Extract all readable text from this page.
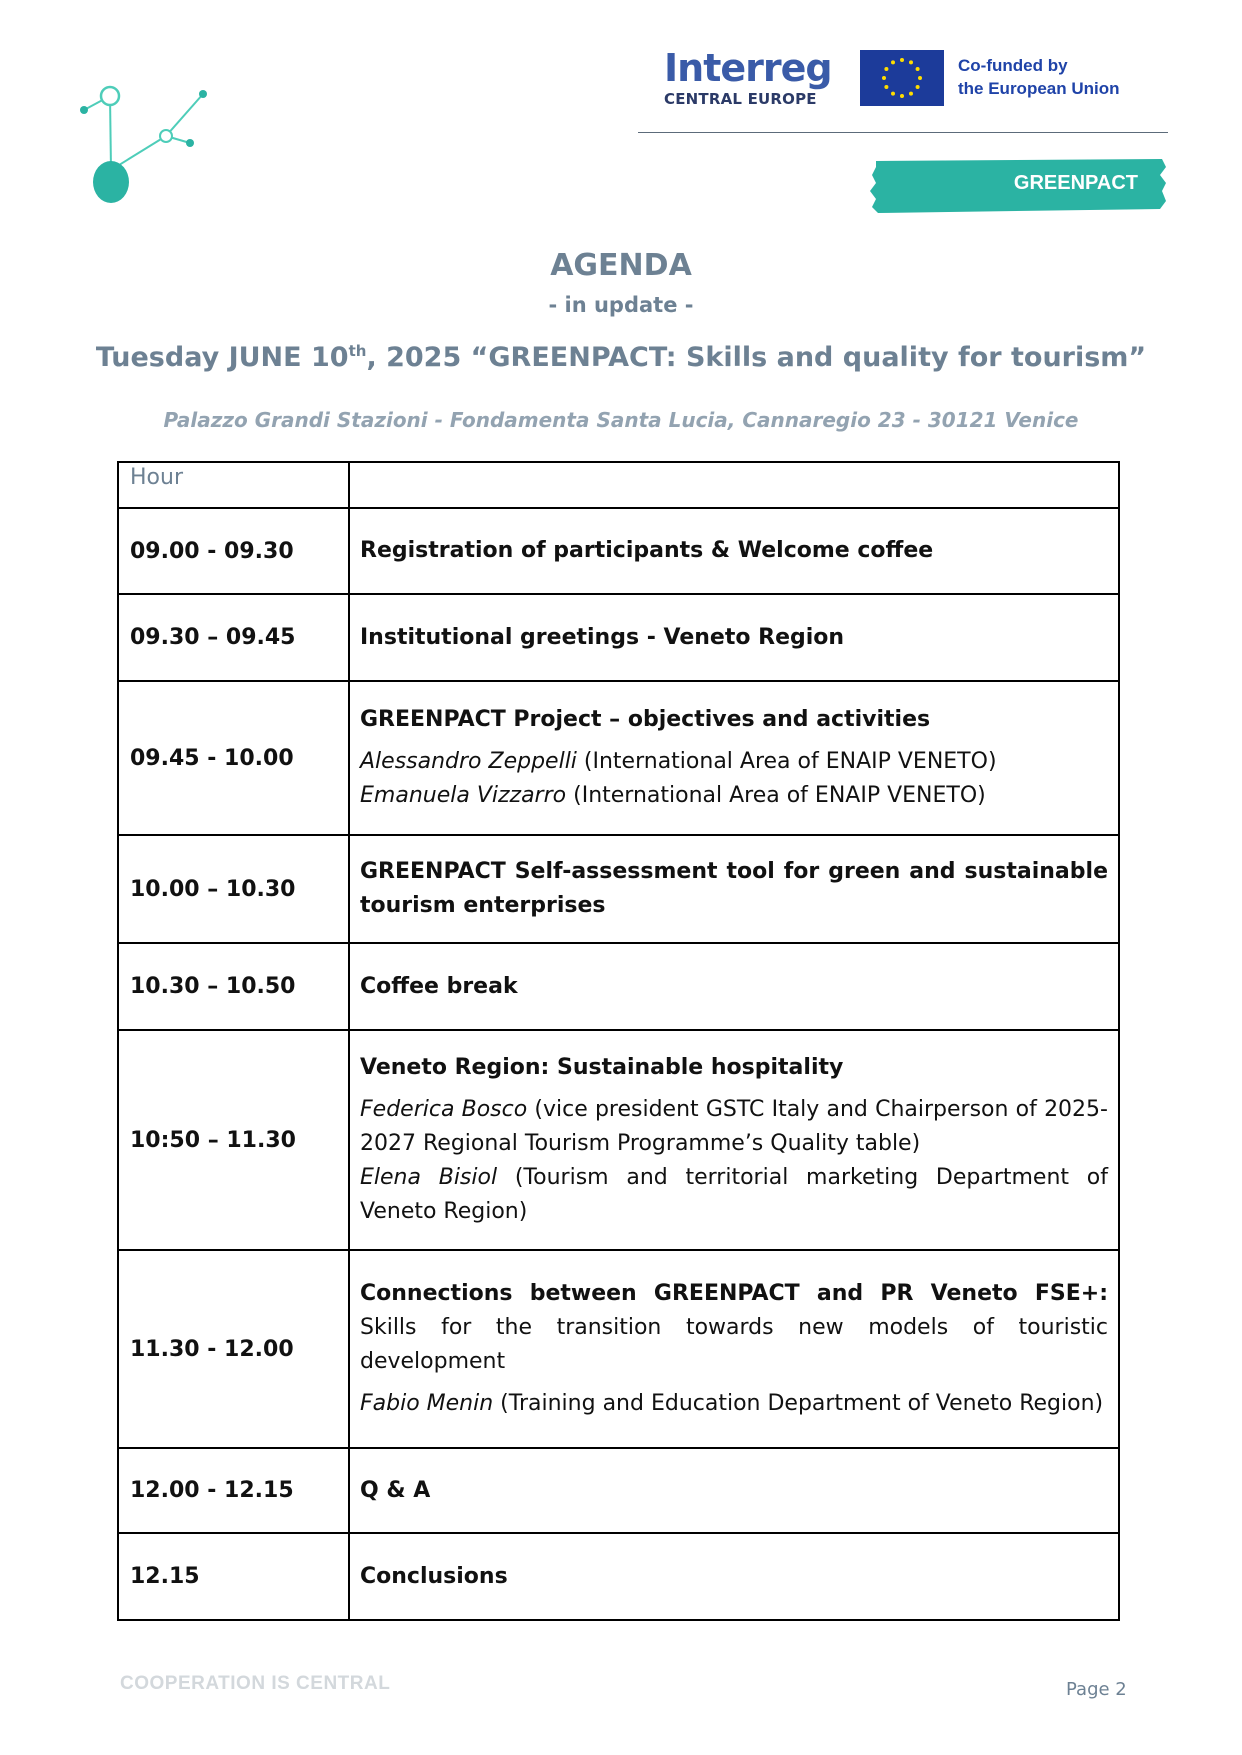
Interreg
CENTRAL EUROPE
Co-funded by
the European Union
GREENPACT
AGENDA
- in update -
Tuesday JUNE 10th, 2025 “GREENPACT: Skills and quality for tourism”
Palazzo Grandi Stazioni - Fondamenta Santa Lucia, Cannaregio 23 - 30121 Venice
Hour	
09.00 - 09.30	Registration of participants & Welcome coffee

09.30 – 09.45	Institutional greetings - Veneto Region

09.45 - 10.00	GREENPACT Project – objectives and activities
Alessandro Zeppelli (International Area of ENAIP VENETO)
Emanuela Vizzarro (International Area of ENAIP VENETO)

10.00 – 10.30	GREENPACT Self-assessment tool for green and sustainable tourism enterprises

10.30 – 10.50	Coffee break

10:50 – 11.30	Veneto Region: Sustainable hospitality
Federica Bosco (vice president GSTC Italy and Chairperson of 2025-2027 Regional Tourism Programme’s Quality table)
Elena Bisiol (Tourism and territorial marketing Department of Veneto Region)

11.30 - 12.00	Connections between GREENPACT and PR Veneto FSE+: Skills for the transition towards new models of touristic development
Fabio Menin (Training and Education Department of Veneto Region)

12.00 - 12.15	Q & A

12.15	Conclusions
COOPERATION IS CENTRAL	Page 2
